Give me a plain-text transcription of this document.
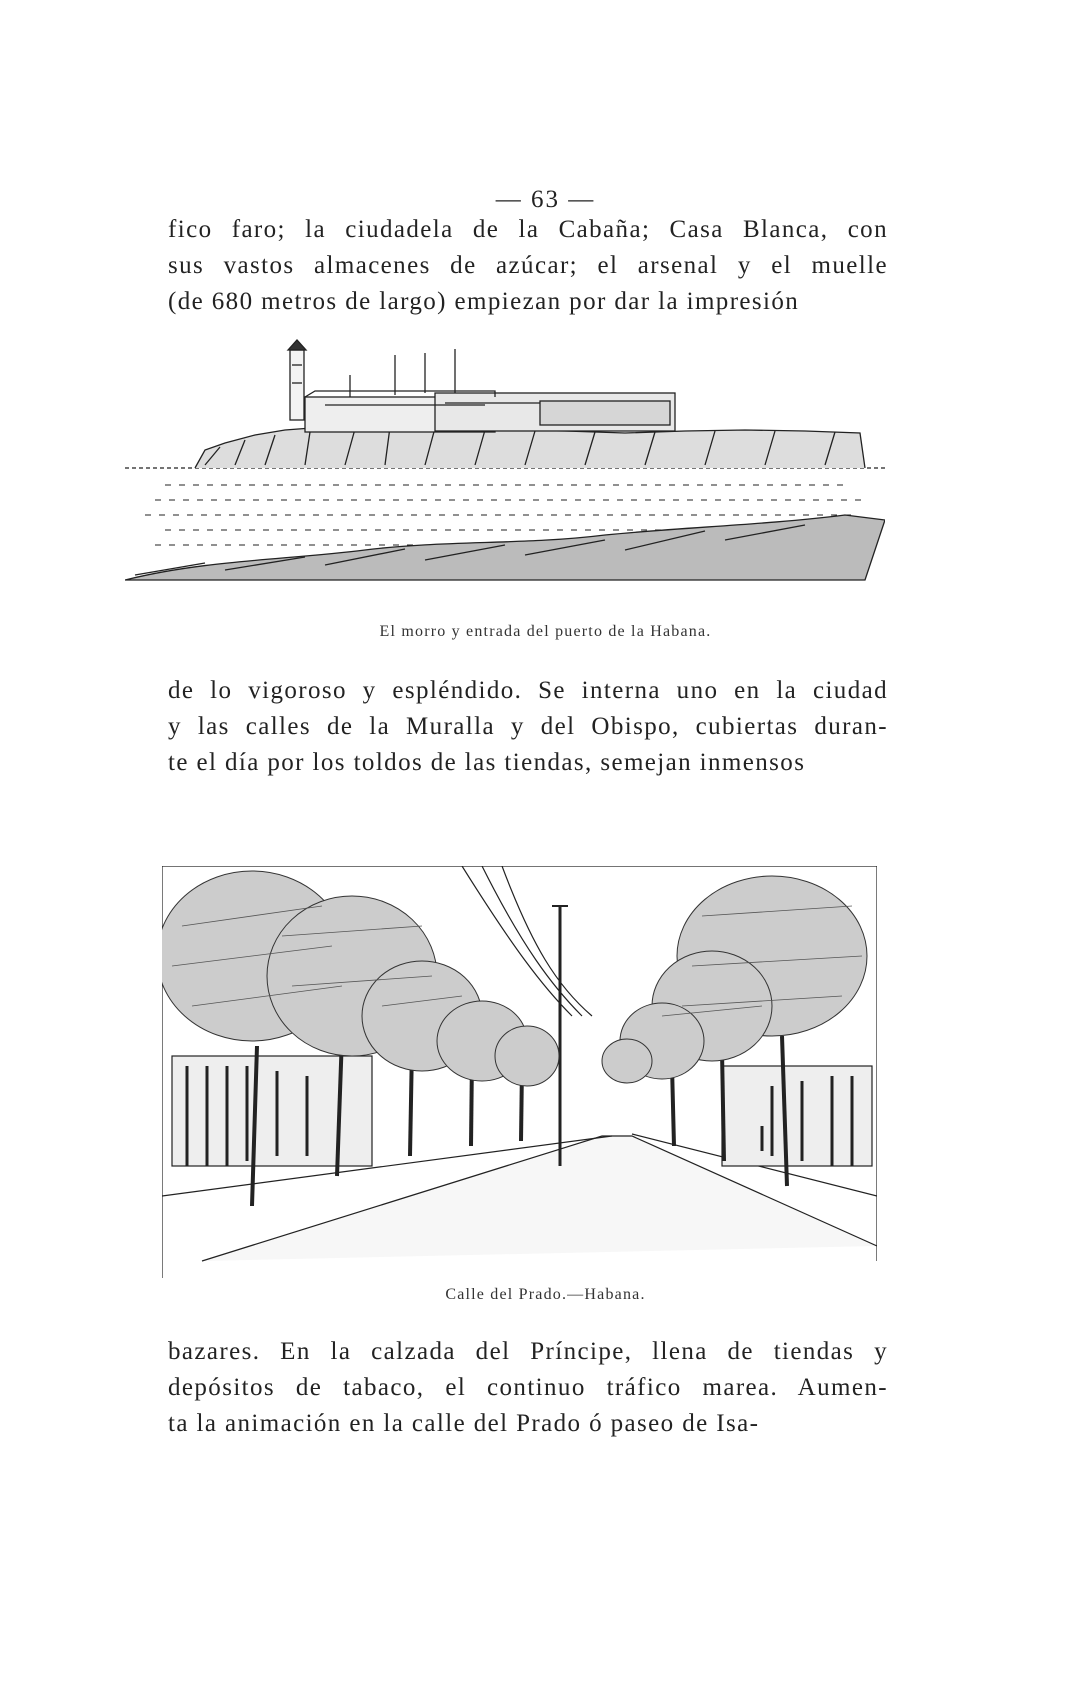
— 63 —
fico faro; la ciudadela de la Cabaña; Casa Blanca, con
sus vastos almacenes de azúcar; el arsenal y el muelle
(de 680 metros de largo) empiezan por dar la impresión
El morro y entrada del puerto de la Habana.
de lo vigoroso y espléndido. Se interna uno en la ciudad
y las calles de la Muralla y del Obispo, cubiertas duran-
te el día por los toldos de las tiendas, semejan inmensos
Calle del Prado.—Habana.
bazares. En la calzada del Príncipe, llena de tiendas y
depósitos de tabaco, el continuo tráfico marea. Aumen-
ta la animación en la calle del Prado ó paseo de Isa-
